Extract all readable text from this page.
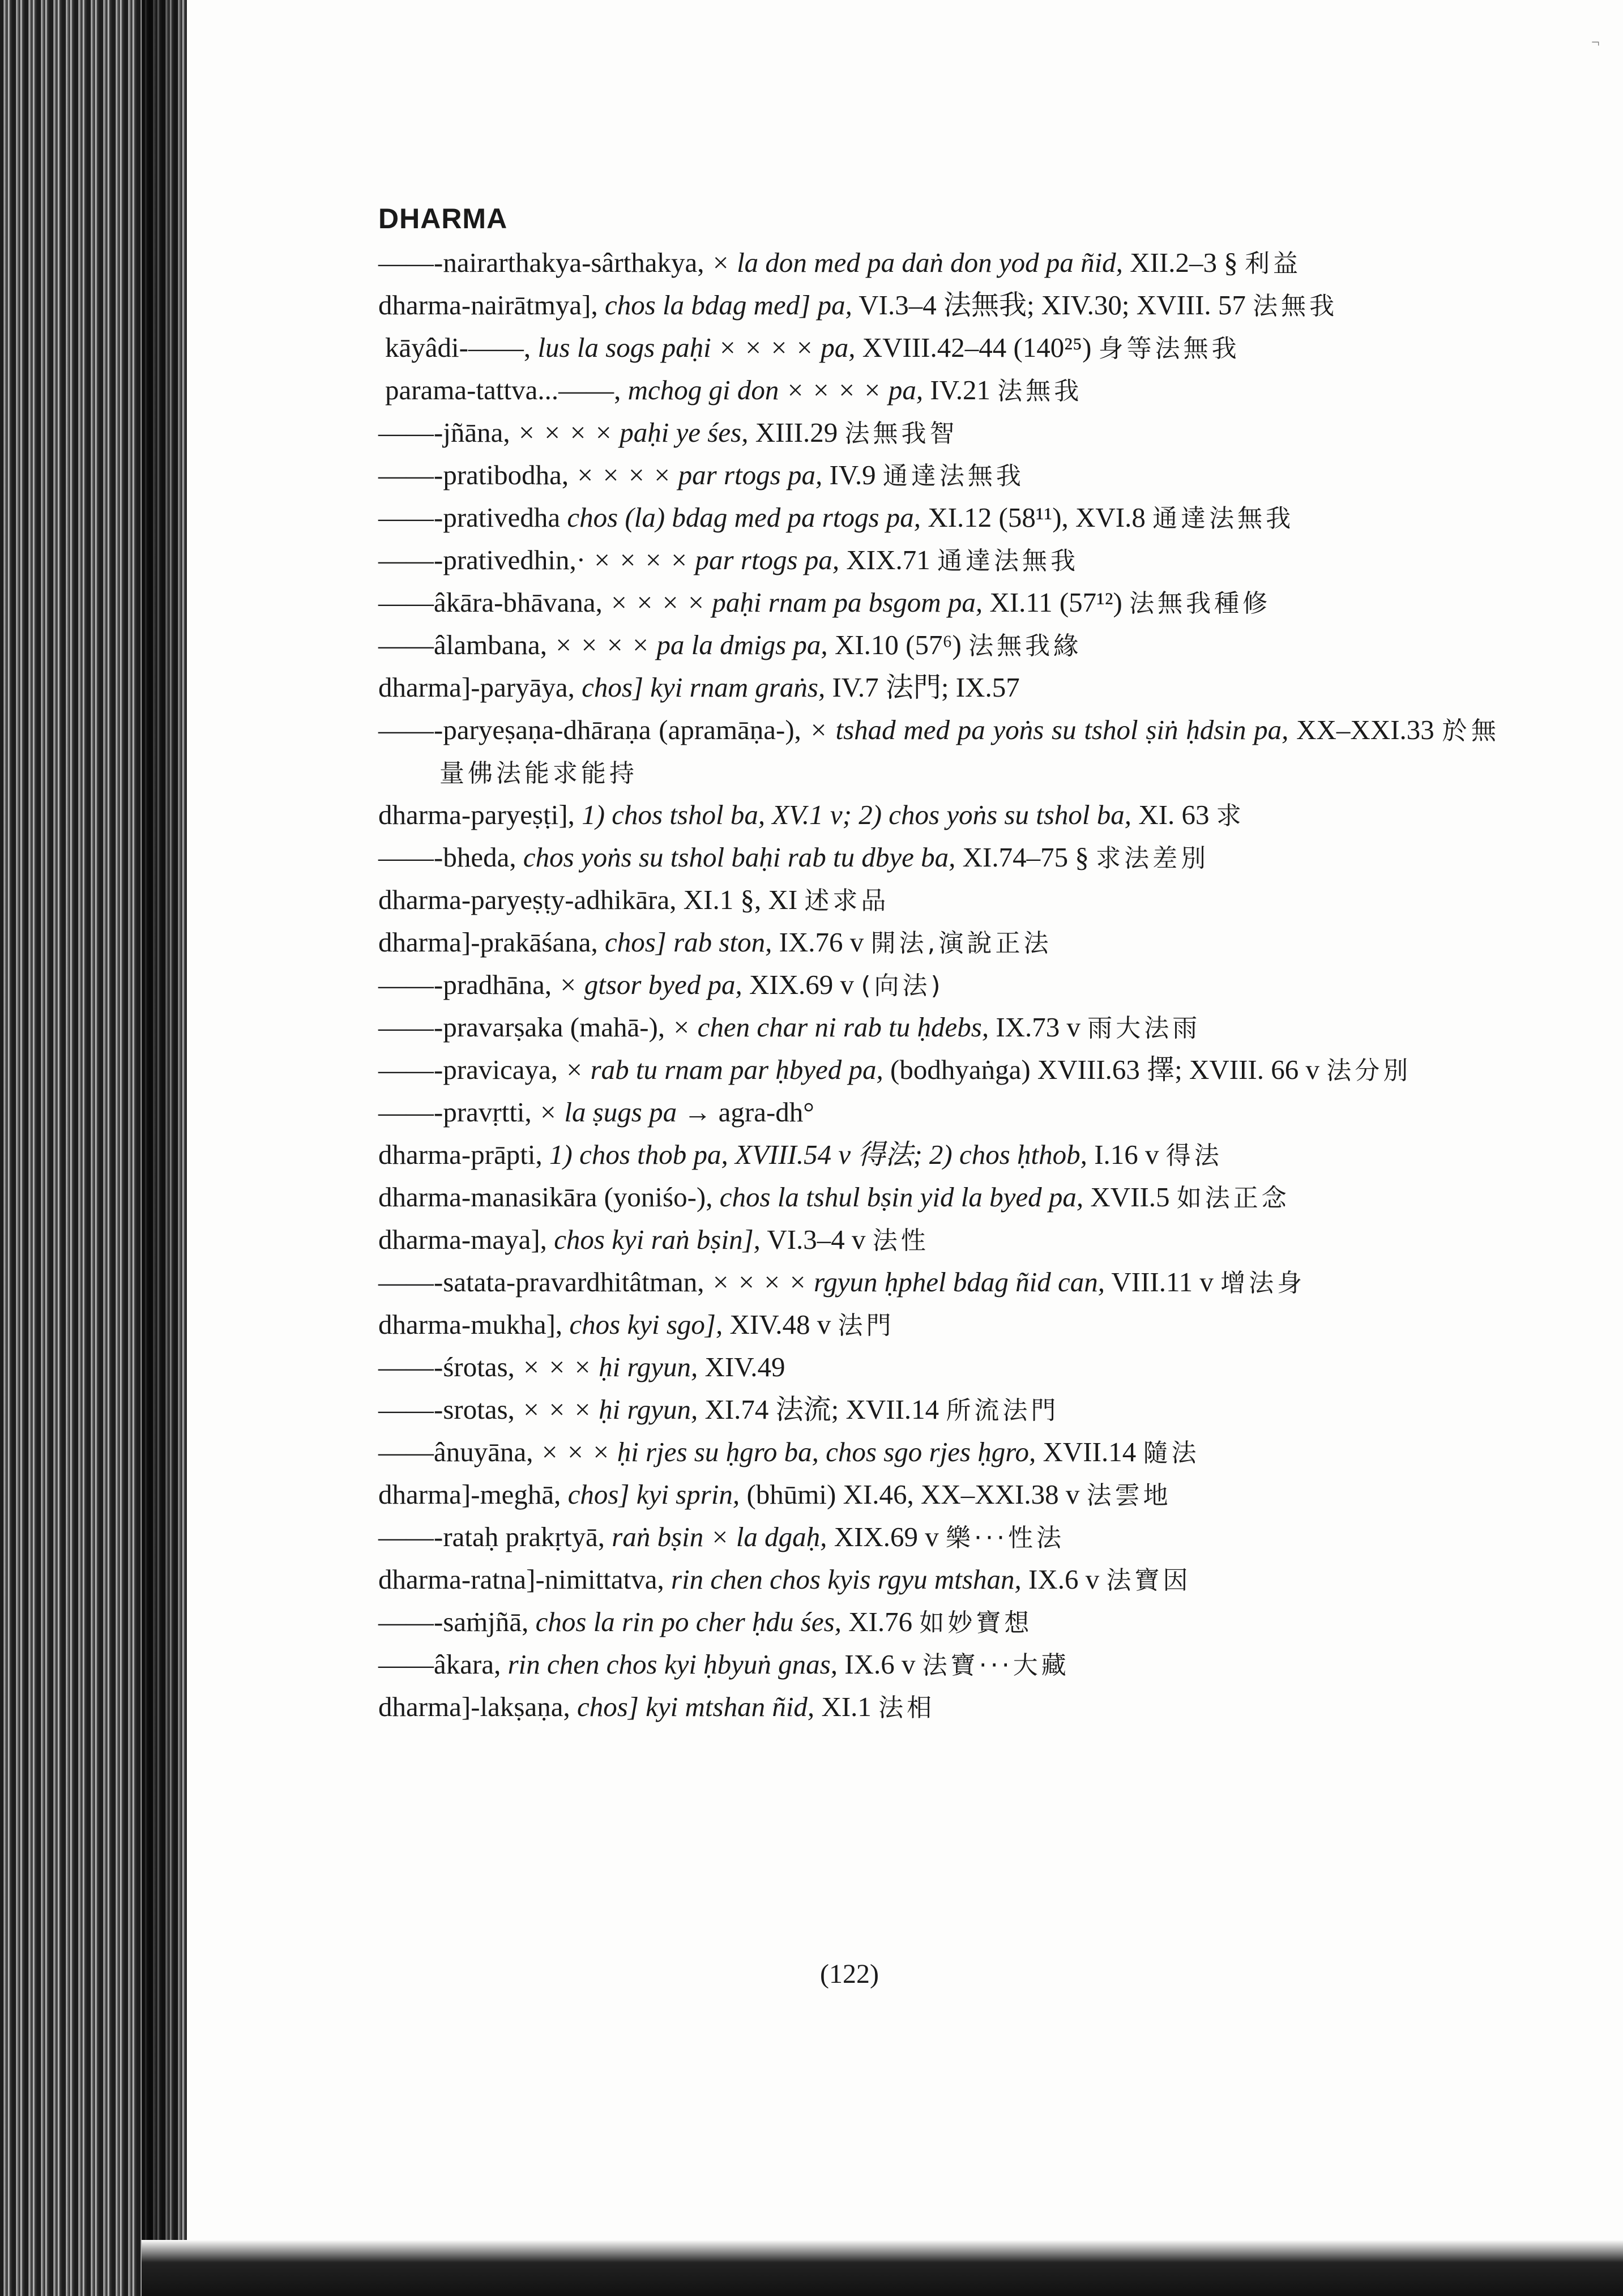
¬
DHARMA
——-nairarthakya-sârthakya, × la don med pa daṅ don yod pa ñid, XII.2–3 § 利益
dharma-nairātmya], chos la bdag med] pa, VI.3–4 法無我; XIV.30; XVIII. 57 法無我
kāyâdi-——, lus la sogs paḥi × × × × pa, XVIII.42–44 (140²⁵) 身等法無我
parama-tattva...——, mchog gi don × × × × pa, IV.21 法無我
——-jñāna, × × × × paḥi ye śes, XIII.29 法無我智
——-pratibodha, × × × × par rtogs pa, IV.9 通達法無我
——-prativedha chos (la) bdag med pa rtogs pa, XI.12 (58¹¹), XVI.8 通達法無我
——-prativedhin,· × × × × par rtogs pa, XIX.71 通達法無我
——âkāra-bhāvana, × × × × paḥi rnam pa bsgom pa, XI.11 (57¹²) 法無我種修
——âlambana, × × × × pa la dmigs pa, XI.10 (57⁶) 法無我緣
dharma]-paryāya, chos] kyi rnam graṅs, IV.7 法門; IX.57
——-paryeṣaṇa-dhāraṇa (apramāṇa-), × tshad med pa yoṅs su tshol ṣiṅ ḥdsin pa, XX–XXI.33 於無量佛法能求能持
dharma-paryeṣṭi], 1) chos tshol ba, XV.1 v; 2) chos yoṅs su tshol ba, XI. 63 求
——-bheda, chos yoṅs su tshol baḥi rab tu dbye ba, XI.74–75 § 求法差別
dharma-paryeṣṭy-adhikāra, XI.1 §, XI 述求品
dharma]-prakāśana, chos] rab ston, IX.76 v 開法,演說正法
——-pradhāna, × gtsor byed pa, XIX.69 v (向法)
——-pravarṣaka (mahā-), × chen char ni rab tu ḥdebs, IX.73 v 雨大法雨
——-pravicaya, × rab tu rnam par ḥbyed pa, (bodhyaṅga) XVIII.63 擇; XVIII. 66 v 法分別
——-pravṛtti, × la ṣugs pa → agra-dh°
dharma-prāpti, 1) chos thob pa, XVIII.54 v 得法; 2) chos ḥthob, I.16 v 得法
dharma-manasikāra (yoniśo-), chos la tshul bṣin yid la byed pa, XVII.5 如法正念
dharma-maya], chos kyi raṅ bṣin], VI.3–4 v 法性
——-satata-pravardhitâtman, × × × × rgyun ḥphel bdag ñid can, VIII.11 v 增法身
dharma-mukha], chos kyi sgo], XIV.48 v 法門
——-śrotas, × × × ḥi rgyun, XIV.49
——-srotas, × × × ḥi rgyun, XI.74 法流; XVII.14 所流法門
——ânuyāna, × × × ḥi rjes su ḥgro ba, chos sgo rjes ḥgro, XVII.14 隨法
dharma]-meghā, chos] kyi sprin, (bhūmi) XI.46, XX–XXI.38 v 法雲地
——-rataḥ prakṛtyā, raṅ bṣin × la dgaḥ, XIX.69 v 樂···性法
dharma-ratna]-nimittatva, rin chen chos kyis rgyu mtshan, IX.6 v 法寶因
——-saṁjñā, chos la rin po cher ḥdu śes, XI.76 如妙寶想
——âkara, rin chen chos kyi ḥbyuṅ gnas, IX.6 v 法寶···大藏
dharma]-lakṣaṇa, chos] kyi mtshan ñid, XI.1 法相
(122)
